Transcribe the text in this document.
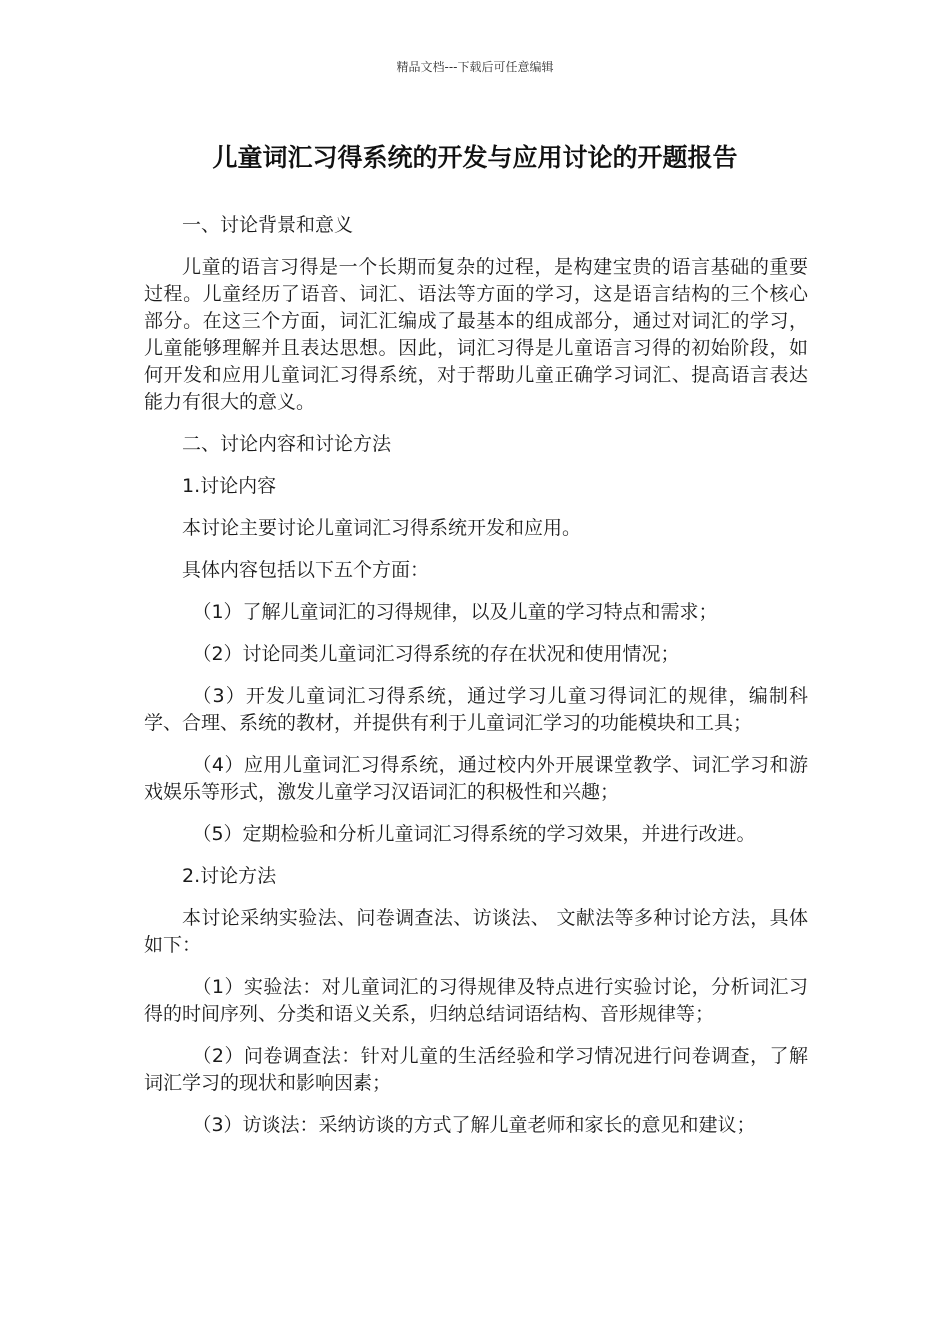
精品文档---下载后可任意编辑
儿童词汇习得系统的开发与应用讨论的开题报告

一、讨论背景和意义

儿童的语言习得是一个长期而复杂的过程，是构建宝贵的语言基础的重要过程。儿童经历了语音、词汇、语法等方面的学习，这是语言结构的三个核心部分。在这三个方面，词汇汇编成了最基本的组成部分，通过对词汇的学习，儿童能够理解并且表达思想。因此，词汇习得是儿童语言习得的初始阶段，如何开发和应用儿童词汇习得系统，对于帮助儿童正确学习词汇、提高语言表达能力有很大的意义。

二、讨论内容和讨论方法

1.讨论内容

本讨论主要讨论儿童词汇习得系统开发和应用。

具体内容包括以下五个方面：

（1）了解儿童词汇的习得规律，以及儿童的学习特点和需求；

（2）讨论同类儿童词汇习得系统的存在状况和使用情况；

（3）开发儿童词汇习得系统，通过学习儿童习得词汇的规律，编制科学、合理、系统的教材，并提供有利于儿童词汇学习的功能模块和工具；

（4）应用儿童词汇习得系统，通过校内外开展课堂教学、词汇学习和游戏娱乐等形式，激发儿童学习汉语词汇的积极性和兴趣；

（5）定期检验和分析儿童词汇习得系统的学习效果，并进行改进。

2.讨论方法

本讨论采纳实验法、问卷调查法、访谈法、 文献法等多种讨论方法，具体如下：

（1）实验法：对儿童词汇的习得规律及特点进行实验讨论，分析词汇习得的时间序列、分类和语义关系，归纳总结词语结构、音形规律等；

（2）问卷调查法：针对儿童的生活经验和学习情况进行问卷调查，了解词汇学习的现状和影响因素；

（3）访谈法：采纳访谈的方式了解儿童老师和家长的意见和建议；
